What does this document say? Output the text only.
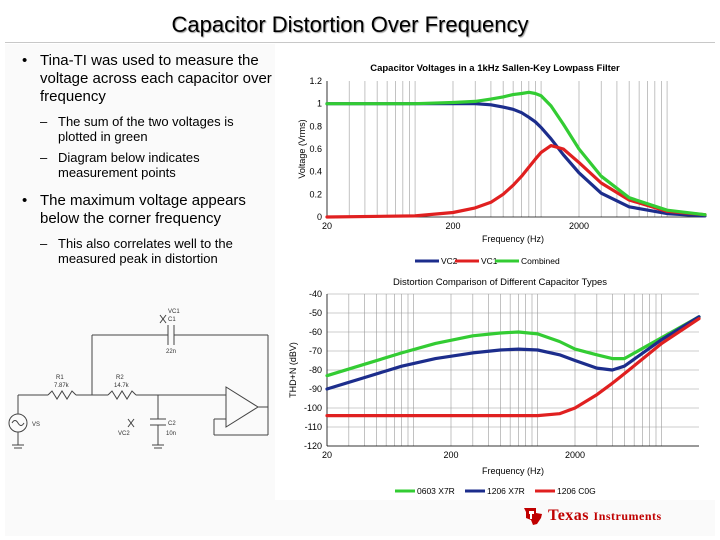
Capacitor Distortion Over Frequency
• Tina-TI was used to measure the voltage across each capacitor over frequency
– The sum of the two voltages is plotted in green
– Diagram below indicates measurement points
• The maximum voltage appears below the corner frequency
– This also correlates well to the measured peak in distortion
VC1
C1
22n
R1
7.87k
R2
14.7k
C2
10n
VC2
VS
Capacitor Voltages in a 1kHz Sallen-Key Lowpass Filter
0
0.2
0.4
0.6
0.8
1
1.2
20	200	2000
Frequency (Hz)
Voltage (Vrms)
VC2	VC1	Combined
Distortion Comparison of Different Capacitor Types
-40
-50
-60
-70
-80
-90
-100
-110
-120
20	200	2000
Frequency (Hz)
THD+N (dBV)
0603 X7R	1206 X7R	1206 C0G
Texas Instruments
